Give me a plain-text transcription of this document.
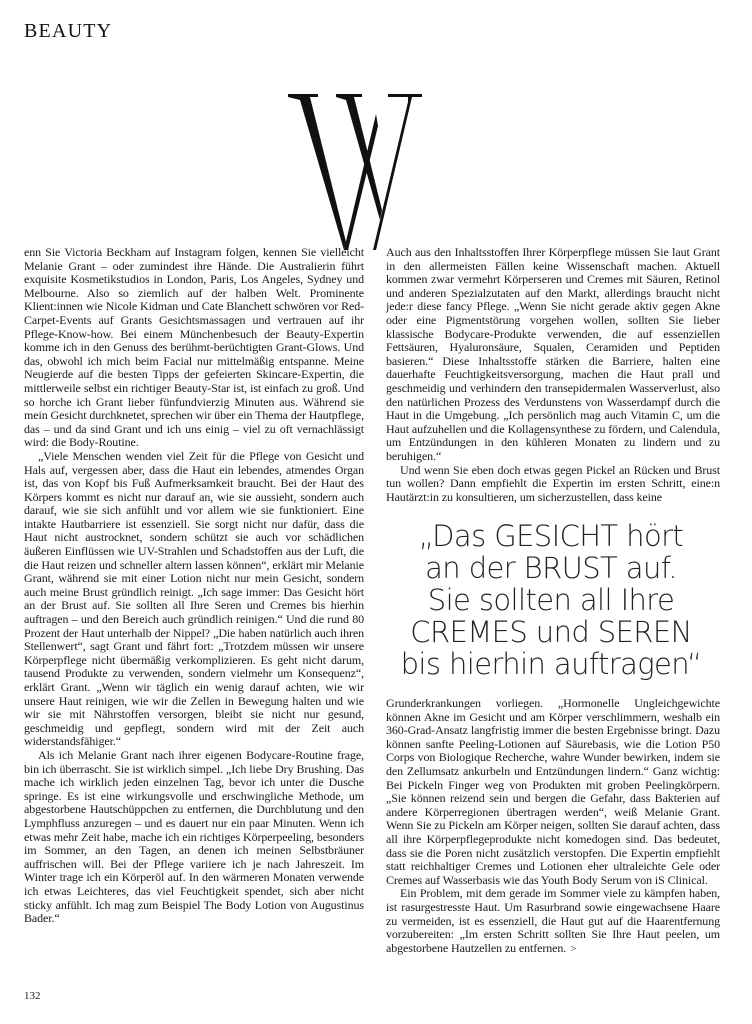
BEAUTY

enn Sie Victoria Beckham auf Instagram folgen, kennen Sie vielleicht Melanie Grant – oder zumindest ihre Hände. Die Australierin führt exquisite Kosmetikstudios in London, Paris, Los Angeles, Sydney und Melbourne. Also so ziemlich auf der halben Welt. Prominente Klient:innen wie Nicole Kidman und Cate Blanchett schwören vor Red-Carpet-Events auf Grants Gesichtsmassagen und vertrauen auf ihr Pflege-Know-how. Bei einem Münchenbesuch der Beauty-Expertin komme ich in den Genuss des berühmt-berüchtigten Grant-Glows. Und das, obwohl ich mich beim Facial nur mittelmäßig entspanne. Meine Neugierde auf die besten Tipps der gefeierten Skincare-Expertin, die mittlerweile selbst ein richtiger Beauty-Star ist, ist einfach zu groß. Und so horche ich Grant lieber fünfundvierzig Minuten aus. Während sie mein Gesicht durchknetet, sprechen wir über ein Thema der Hautpflege, das – und da sind Grant und ich uns einig – viel zu oft vernachlässigt wird: die Body-Routine.

„Viele Menschen wenden viel Zeit für die Pflege von Gesicht und Hals auf, vergessen aber, dass die Haut ein lebendes, atmendes Organ ist, das von Kopf bis Fuß Aufmerksamkeit braucht. Bei der Haut des Körpers kommt es nicht nur darauf an, wie sie aussieht, sondern auch darauf, wie sie sich anfühlt und vor allem wie sie funktioniert. Eine intakte Hautbarriere ist essenziell. Sie sorgt nicht nur dafür, dass die Haut nicht austrocknet, sondern schützt sie auch vor schädlichen äußeren Einflüssen wie UV-Strahlen und Schadstoffen aus der Luft, die die Haut reizen und schneller altern lassen können“, erklärt mir Melanie Grant, während sie mit einer Lotion nicht nur mein Gesicht, sondern auch meine Brust gründlich reinigt. „Ich sage immer: Das Gesicht hört an der Brust auf. Sie sollten all Ihre Seren und Cremes bis hierhin auftragen – und den Bereich auch gründlich reinigen.“ Und die rund 80 Prozent der Haut unterhalb der Nippel? „Die haben natürlich auch ihren Stellenwert“, sagt Grant und fährt fort: „Trotzdem müssen wir unsere Körperpflege nicht übermäßig verkomplizieren. Es geht nicht darum, tausend Produkte zu verwenden, sondern vielmehr um Konsequenz“, erklärt Grant. „Wenn wir täglich ein wenig darauf achten, wie wir unsere Haut reinigen, wie wir die Zellen in Bewegung halten und wie wir sie mit Nährstoffen versorgen, bleibt sie nicht nur gesund, geschmeidig und gepflegt, sondern wird mit der Zeit auch widerstandsfähiger.“

Als ich Melanie Grant nach ihrer eigenen Bodycare-Routine frage, bin ich überrascht. Sie ist wirklich simpel. „Ich liebe Dry Brushing. Das mache ich wirklich jeden einzelnen Tag, bevor ich unter die Dusche springe. Es ist eine wirkungsvolle und erschwingliche Methode, um abgestorbene Hautschüppchen zu entfernen, die Durchblutung und den Lymphfluss anzuregen – und es dauert nur ein paar Minuten. Wenn ich etwas mehr Zeit habe, mache ich ein richtiges Körperpeeling, besonders im Sommer, an den Tagen, an denen ich meinen Selbstbräuner auffrischen will. Bei der Pflege variiere ich je nach Jahreszeit. Im Winter trage ich ein Körperöl auf. In den wärmeren Monaten verwende ich etwas Leichteres, das viel Feuchtigkeit spendet, sich aber nicht sticky anfühlt. Ich mag zum Beispiel The Body Lotion von Augustinus Bader.“

Auch aus den Inhaltsstoffen Ihrer Körperpflege müssen Sie laut Grant in den allermeisten Fällen keine Wissenschaft machen. Aktuell kommen zwar vermehrt Körperseren und Cremes mit Säuren, Retinol und anderen Spezialzutaten auf den Markt, allerdings braucht nicht jede:r diese fancy Pflege. „Wenn Sie nicht gerade aktiv gegen Akne oder eine Pigmentstörung vorgehen wollen, sollten Sie lieber klassische Bodycare-Produkte verwenden, die auf essenziellen Fettsäuren, Hyaluronsäure, Squalen, Ceramiden und Peptiden basieren.“ Diese Inhaltsstoffe stärken die Barriere, halten eine dauerhafte Feuchtigkeitsversorgung, machen die Haut prall und geschmeidig und verhindern den transepidermalen Wasserverlust, also den natürlichen Prozess des Verdunstens von Wasserdampf durch die Haut in die Umgebung. „Ich persönlich mag auch Vitamin C, um die Haut aufzuhellen und die Kollagensynthese zu fördern, und Calendula, um Entzündungen in den kühleren Monaten zu lindern und zu beruhigen.“

Und wenn Sie eben doch etwas gegen Pickel an Rücken und Brust tun wollen? Dann empfiehlt die Expertin im ersten Schritt, eine:n Hautärzt:in zu konsultieren, um sicherzustellen, dass keine

„Das GESICHT hört
an der BRUST auf.
Sie sollten all Ihre
CREMES und SEREN
bis hierhin auftragen“

Grunderkrankungen vorliegen. „Hormonelle Ungleichgewichte können Akne im Gesicht und am Körper verschlimmern, weshalb ein 360-Grad-Ansatz langfristig immer die besten Ergebnisse bringt. Dazu können sanfte Peeling-Lotionen auf Säurebasis, wie die Lotion P50 Corps von Biologique Recherche, wahre Wunder bewirken, indem sie den Zellumsatz ankurbeln und Entzündungen lindern.“ Ganz wichtig: Bei Pickeln Finger weg von Produkten mit groben Peelingkörpern. „Sie können reizend sein und bergen die Gefahr, dass Bakterien auf andere Körperregionen übertragen werden“, weiß Melanie Grant. Wenn Sie zu Pickeln am Körper neigen, sollten Sie darauf achten, dass all ihre Körperpflegeprodukte nicht komedogen sind. Das bedeutet, dass sie die Poren nicht zusätzlich verstopfen. Die Expertin empfiehlt statt reichhaltiger Cremes und Lotionen eher ultraleichte Gele oder Cremes auf Wasserbasis wie das Youth Body Serum von iS Clinical.

Ein Problem, mit dem gerade im Sommer viele zu kämpfen haben, ist rasurgestresste Haut. Um Rasurbrand sowie eingewachsene Haare zu vermeiden, ist es essenziell, die Haut gut auf die Haarentfernung vorzubereiten: „Im ersten Schritt sollten Sie Ihre Haut peelen, um abgestorbene Hautzellen zu entfernen. >

132
